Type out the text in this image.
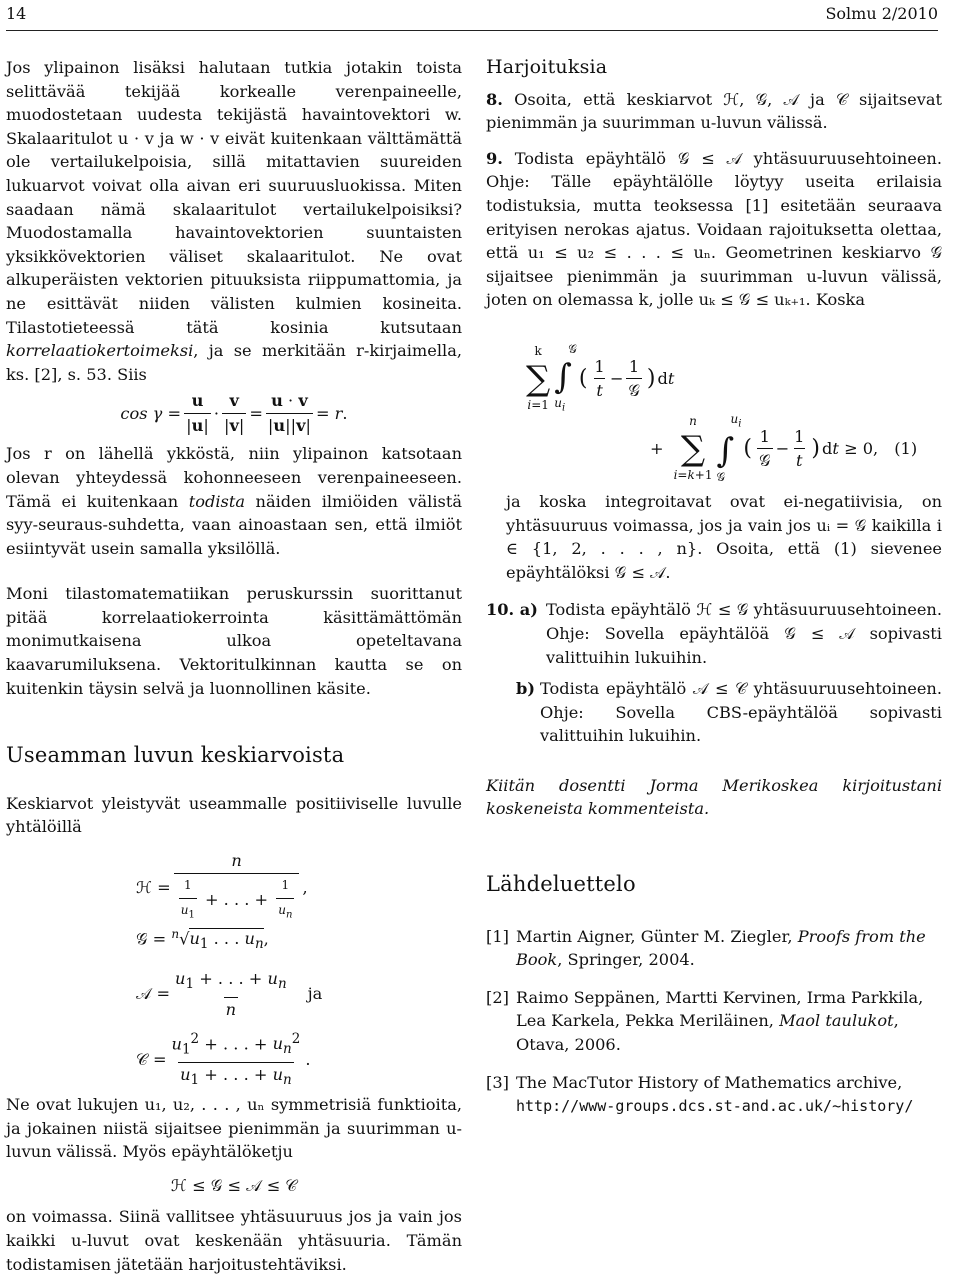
14	Solmu 2/2010

Jos ylipainon lisäksi halutaan tutkia jotakin toista selittävää tekijää korkealle verenpaineelle, muodostetaan uudesta tekijästä havaintovektori w. Skalaaritulot u · v ja w · v eivät kuitenkaan välttämättä ole vertailukelpoisia, sillä mitattavien suureiden lukuarvot voivat olla aivan eri suuruusluokissa. Miten saadaan nämä skalaaritulot vertailukelpoisiksi? Muodostamalla havaintovektorien suuntaisten yksikkövektorien väliset skalaaritulot. Ne ovat alkuperäisten vektorien pituuksista riippumattomia, ja ne esittävät niiden välisten kulmien kosineita. Tilastotieteessä tätä kosinia kutsutaan korrelaatiokertoimeksi, ja se merkitään r-kirjaimella, ks. [2], s. 53. Siis

$\cos \gamma = \frac{u}{|u|} \cdot \frac{v}{|v|} = \frac{u \cdot v}{|u||v|} = r$.

Jos r on lähellä ykköstä, niin ylipainon katsotaan olevan yhteydessä kohonneeseen verenpaineeseen. Tämä ei kuitenkaan todista näiden ilmiöiden välistä syy-seuraus-suhdetta, vaan ainoastaan sen, että ilmiöt esiintyvät usein samalla yksilöllä.

Moni tilastomatematiikan peruskurssin suorittanut pitää korrelaatiokerrointa käsittämättömän monimutkaisena ulkoa opeteltavana kaavarumiluksena. Vektoritulkinnan kautta se on kuitenkin täysin selvä ja luonnollinen käsite.

Useamman luvun keskiarvoista

Keskiarvot yleistyvät useammalle positiiviselle luvulle yhtälöillä

ℋ = $\frac{n}{\frac{1}{u_1} + . . . + \frac{1}{u_n}}$ ,
𝒢 = $^n√u_1$ . . . $u_n$,
𝒜 = $\frac{u_1 + . . . + u_n}{n}$ ja
𝒞 = $\frac{u_1^2 + . . . + u_n^2}{u_1 + . . . + u_n}$ .

Ne ovat lukujen u₁, u₂, . . . , uₙ symmetrisiä funktioita, ja jokainen niistä sijaitsee pienimmän ja suurimman u-luvun välissä. Myös epäyhtälöketju

ℋ ≤ 𝒢 ≤ 𝒜 ≤ 𝒞

on voimassa. Siinä vallitsee yhtäsuuruus jos ja vain jos kaikki u-luvut ovat keskenään yhtäsuuria. Tämän todistamisen jätetään harjoitustehtäviksi.

Harjoituksia

8. Osoita, että keskiarvot ℋ, 𝒢, 𝒜 ja 𝒞 sijaitsevat pienimmän ja suurimman u-luvun välissä.

9. Todista epäyhtälö 𝒢 ≤ 𝒜 yhtäsuuruusehtoineen. Ohje: Tälle epäyhtälölle löytyy useita erilaisia todistuksia, mutta teoksessa [1] esitetään seuraava erityisen nerokas ajatus. Voidaan rajoituksetta olettaa, että u₁ ≤ u₂ ≤ . . . ≤ uₙ. Geometrinen keskiarvo 𝒢 sijaitsee pienimmän ja suurimman u-luvun välissä, joten on olemassa k, jolle uₖ ≤ 𝒢 ≤ uₖ₊₁. Koska

k
∑
i=1
𝒢
∫
$u_i$
( $\frac{1}{t} - \frac{1}{\text{𝒢}}$ ) dt
+
n
∑
i=k+1
$u_i$
∫
𝒢
( $\frac{1}{\text{𝒢}} - \frac{1}{t}$ ) dt ≥ 0, (1)

ja koska integroitavat ovat ei-negatiivisia, on yhtäsuuruus voimassa, jos ja vain jos uᵢ = 𝒢 kaikilla i ∈ {1, 2, . . . , n}. Osoita, että (1) sievenee epäyhtälöksi 𝒢 ≤ 𝒜.

10. a) Todista epäyhtälö ℋ ≤ 𝒢 yhtäsuuruusehtoineen. Ohje: Sovella epäyhtälöä 𝒢 ≤ 𝒜 sopivasti valittuihin lukuihin.
b) Todista epäyhtälö 𝒜 ≤ 𝒞 yhtäsuuruusehtoineen. Ohje: Sovella CBS-epäyhtälöä sopivasti valittuihin lukuihin.

Kiitän dosentti Jorma Merikoskea kirjoitustani koskeneista kommenteista.

Lähdeluettelo
[1] Martin Aigner, Günter M. Ziegler, Proofs from the Book, Springer, 2004.
[2] Raimo Seppänen, Martti Kervinen, Irma Parkkila, Lea Karkela, Pekka Meriläinen, Maol taulukot, Otava, 2006.
[3] The MacTutor History of Mathematics archive,
http://www-groups.dcs.st-and.ac.uk/~history/
